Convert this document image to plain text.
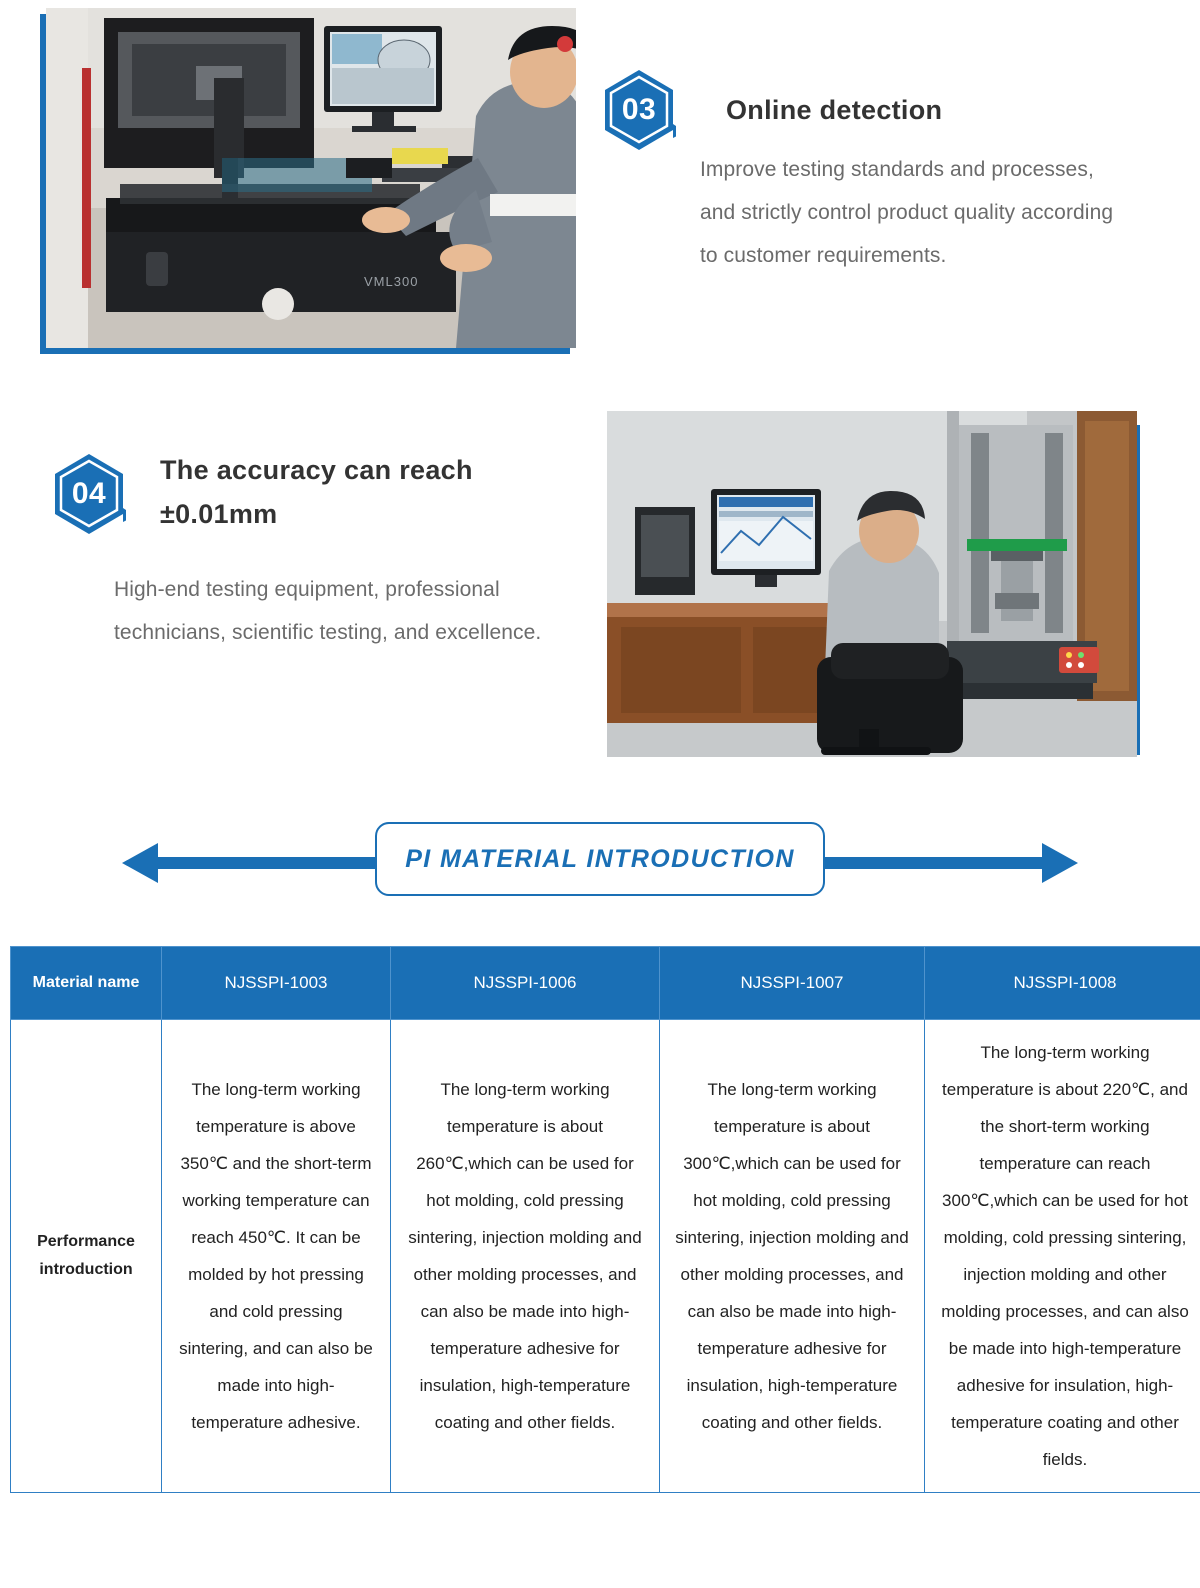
VML300
03	Online detection
Improve testing standards and processes, and strictly control product quality according to customer requirements.
04
The accuracy can reach ±0.01mm
High-end testing equipment, professional technicians, scientific testing, and excellence.
PI MATERIAL INTRODUCTION
Material name	NJSSPI-1003	NJSSPI-1006	NJSSPI-1007	NJSSPI-1008
Performance introduction	The long-term working temperature is above 350℃ and the short-term working temperature can reach 450℃. It can be molded by hot pressing and cold pressing sintering, and can also be made into high-temperature adhesive.	The long-term working temperature is about 260℃,which can be used for hot molding, cold pressing sintering, injection molding and other molding processes, and can also be made into high-temperature adhesive for insulation, high-temperature coating and other fields.	The long-term working temperature is about 300℃,which can be used for hot molding, cold pressing sintering, injection molding and other molding processes, and can also be made into high-temperature adhesive for insulation, high-temperature coating and other fields.	The long-term working temperature is about 220℃, and the short-term working temperature can reach 300℃,which can be used for hot molding, cold pressing sintering, injection molding and other molding processes, and can also be made into high-temperature adhesive for insulation, high-temperature coating and other fields.
